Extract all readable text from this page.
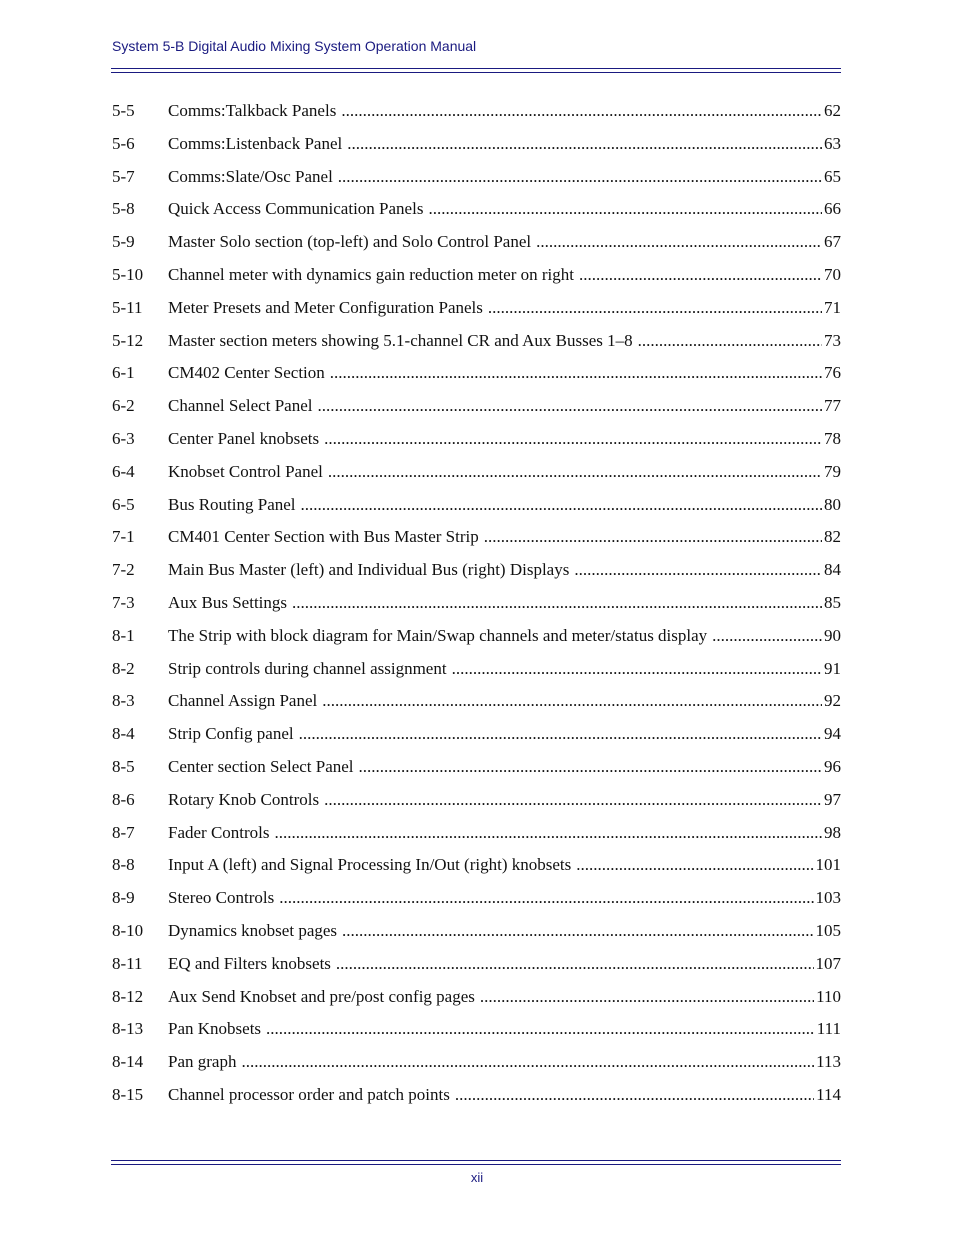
System 5-B Digital Audio Mixing System Operation Manual
5-5	Comms:Talkback Panels .....	62
5-6	Comms:Listenback Panel .....	63
5-7	Comms:Slate/Osc Panel .....	65
5-8	Quick Access Communication Panels .....	66
5-9	Master Solo section (top-left) and Solo Control Panel .....	67
5-10	Channel meter with dynamics gain reduction meter on right .....	70
5-11	Meter Presets and Meter Configuration Panels .....	71
5-12	Master section meters showing 5.1-channel CR and Aux Busses 1–8 .....	73
6-1	CM402 Center Section .....	76
6-2	Channel Select Panel .....	77
6-3	Center Panel knobsets .....	78
6-4	Knobset Control Panel .....	79
6-5	Bus Routing Panel .....	80
7-1	CM401 Center Section with Bus Master Strip .....	82
7-2	Main Bus Master (left) and Individual Bus (right) Displays .....	84
7-3	Aux Bus Settings .....	85
8-1	The Strip with block diagram for Main/Swap channels and meter/status display .....	90
8-2	Strip controls during channel assignment .....	91
8-3	Channel Assign Panel .....	92
8-4	Strip Config panel .....	94
8-5	Center section Select Panel .....	96
8-6	Rotary Knob Controls .....	97
8-7	Fader Controls .....	98
8-8	Input A (left) and Signal Processing In/Out (right) knobsets .....	101
8-9	Stereo Controls .....	103
8-10	Dynamics knobset pages .....	105
8-11	EQ and Filters knobsets .....	107
8-12	Aux Send Knobset and pre/post config pages .....	110
8-13	Pan Knobsets .....	111
8-14	Pan graph .....	113
8-15	Channel processor order and patch points .....	114
xii
